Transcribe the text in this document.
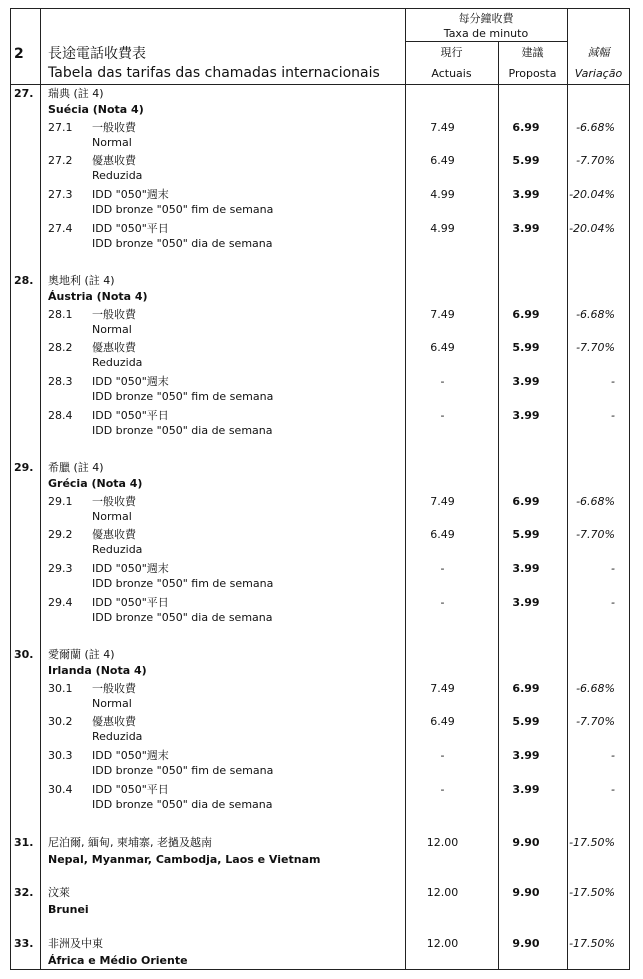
2 長途電話收費表
Tabela das tarifas das chamadas internacionais
每分鐘收費
Taxa de minuto
現行
Actuais
建議
Proposta
減幅
Variação
27. 瑞典 (註 4)
Suécia (Nota 4)
27.1 一般收費
Normal
7.49	6.99	-6.68%
27.2 優惠收費
Reduzida
6.49	5.99	-7.70%
27.3 IDD "050"週末
IDD bronze "050" fim de semana
4.99	3.99	-20.04%
27.4 IDD "050"平日
IDD bronze "050" dia de semana
4.99	3.99	-20.04%
28. 奧地利 (註 4)
Áustria (Nota 4)
28.1 一般收費
Normal
7.49	6.99	-6.68%
28.2 優惠收費
Reduzida
6.49	5.99	-7.70%
28.3 IDD "050"週末
IDD bronze "050" fim de semana
-	3.99	-
28.4 IDD "050"平日
IDD bronze "050" dia de semana
-	3.99	-
29. 希臘 (註 4)
Grécia (Nota 4)
29.1 一般收費
Normal
7.49	6.99	-6.68%
29.2 優惠收費
Reduzida
6.49	5.99	-7.70%
29.3 IDD "050"週末
IDD bronze "050" fim de semana
-	3.99	-
29.4 IDD "050"平日
IDD bronze "050" dia de semana
-	3.99	-
30. 愛爾蘭 (註 4)
Irlanda (Nota 4)
30.1 一般收費
Normal
7.49	6.99	-6.68%
30.2 優惠收費
Reduzida
6.49	5.99	-7.70%
30.3 IDD "050"週末
IDD bronze "050" fim de semana
-	3.99	-
30.4 IDD "050"平日
IDD bronze "050" dia de semana
-	3.99	-
31. 尼泊爾, 緬甸, 柬埔寨, 老撾及越南
Nepal, Myanmar, Cambodja, Laos e Vietnam
12.00	9.90	-17.50%
32. 汶萊
Brunei
12.00	9.90	-17.50%
33. 非洲及中東
África e Médio Oriente
12.00	9.90	-17.50%
